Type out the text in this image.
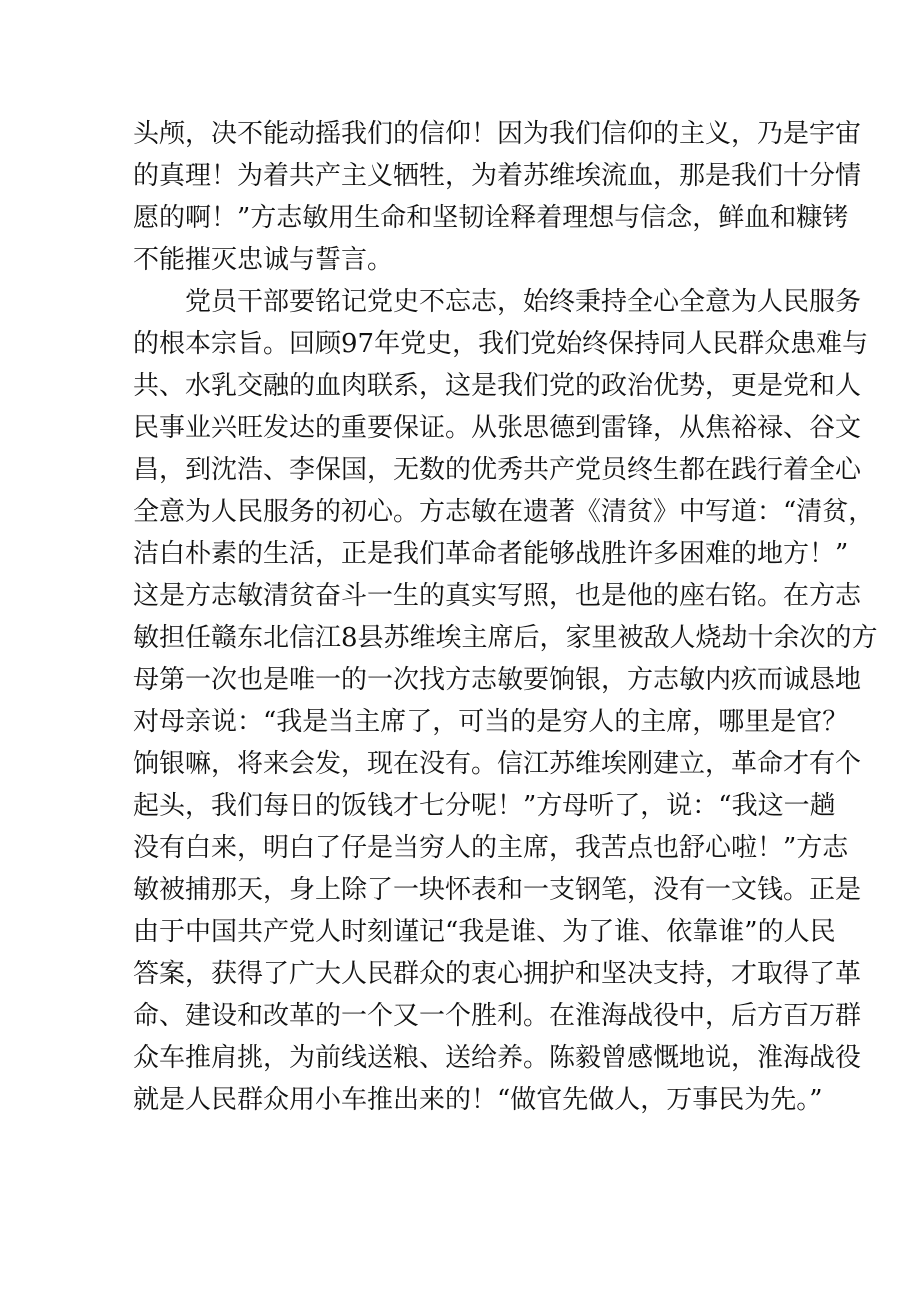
头颅，决不能动摇我们的信仰！因为我们信仰的主义，乃是宇宙
的真理！为着共产主义牺牲，为着苏维埃流血，那是我们十分情
愿的啊！”方志敏用生命和坚韧诠释着理想与信念，鲜血和糠铐
不能摧灭忠诚与誓言。
党员干部要铭记党史不忘志，始终秉持全心全意为人民服务
的根本宗旨。回顾97年党史，我们党始终保持同人民群众患难与
共、水乳交融的血肉联系，这是我们党的政治优势，更是党和人
民事业兴旺发达的重要保证。从张思德到雷锋，从焦裕禄、谷文
昌，到沈浩、李保国，无数的优秀共产党员终生都在践行着全心
全意为人民服务的初心。方志敏在遗著《清贫》中写道：“清贫，
洁白朴素的生活，正是我们革命者能够战胜许多困难的地方！”
这是方志敏清贫奋斗一生的真实写照，也是他的座右铭。在方志
敏担任赣东北信江8县苏维埃主席后，家里被敌人烧劫十余次的方
母第一次也是唯一的一次找方志敏要饷银，方志敏内疚而诚恳地
对母亲说：“我是当主席了，可当的是穷人的主席，哪里是官？
饷银嘛，将来会发，现在没有。信江苏维埃刚建立，革命才有个
起头，我们每日的饭钱才七分呢！”方母听了，说：“我这一趟
没有白来，明白了仔是当穷人的主席，我苦点也舒心啦！”方志
敏被捕那天，身上除了一块怀表和一支钢笔，没有一文钱。正是
由于中国共产党人时刻谨记“我是谁、为了谁、依靠谁”的人民
答案，获得了广大人民群众的衷心拥护和坚决支持，才取得了革
命、建设和改革的一个又一个胜利。在淮海战役中，后方百万群
众车推肩挑，为前线送粮、送给养。陈毅曾感慨地说，淮海战役
就是人民群众用小车推出来的！“做官先做人，万事民为先。”
